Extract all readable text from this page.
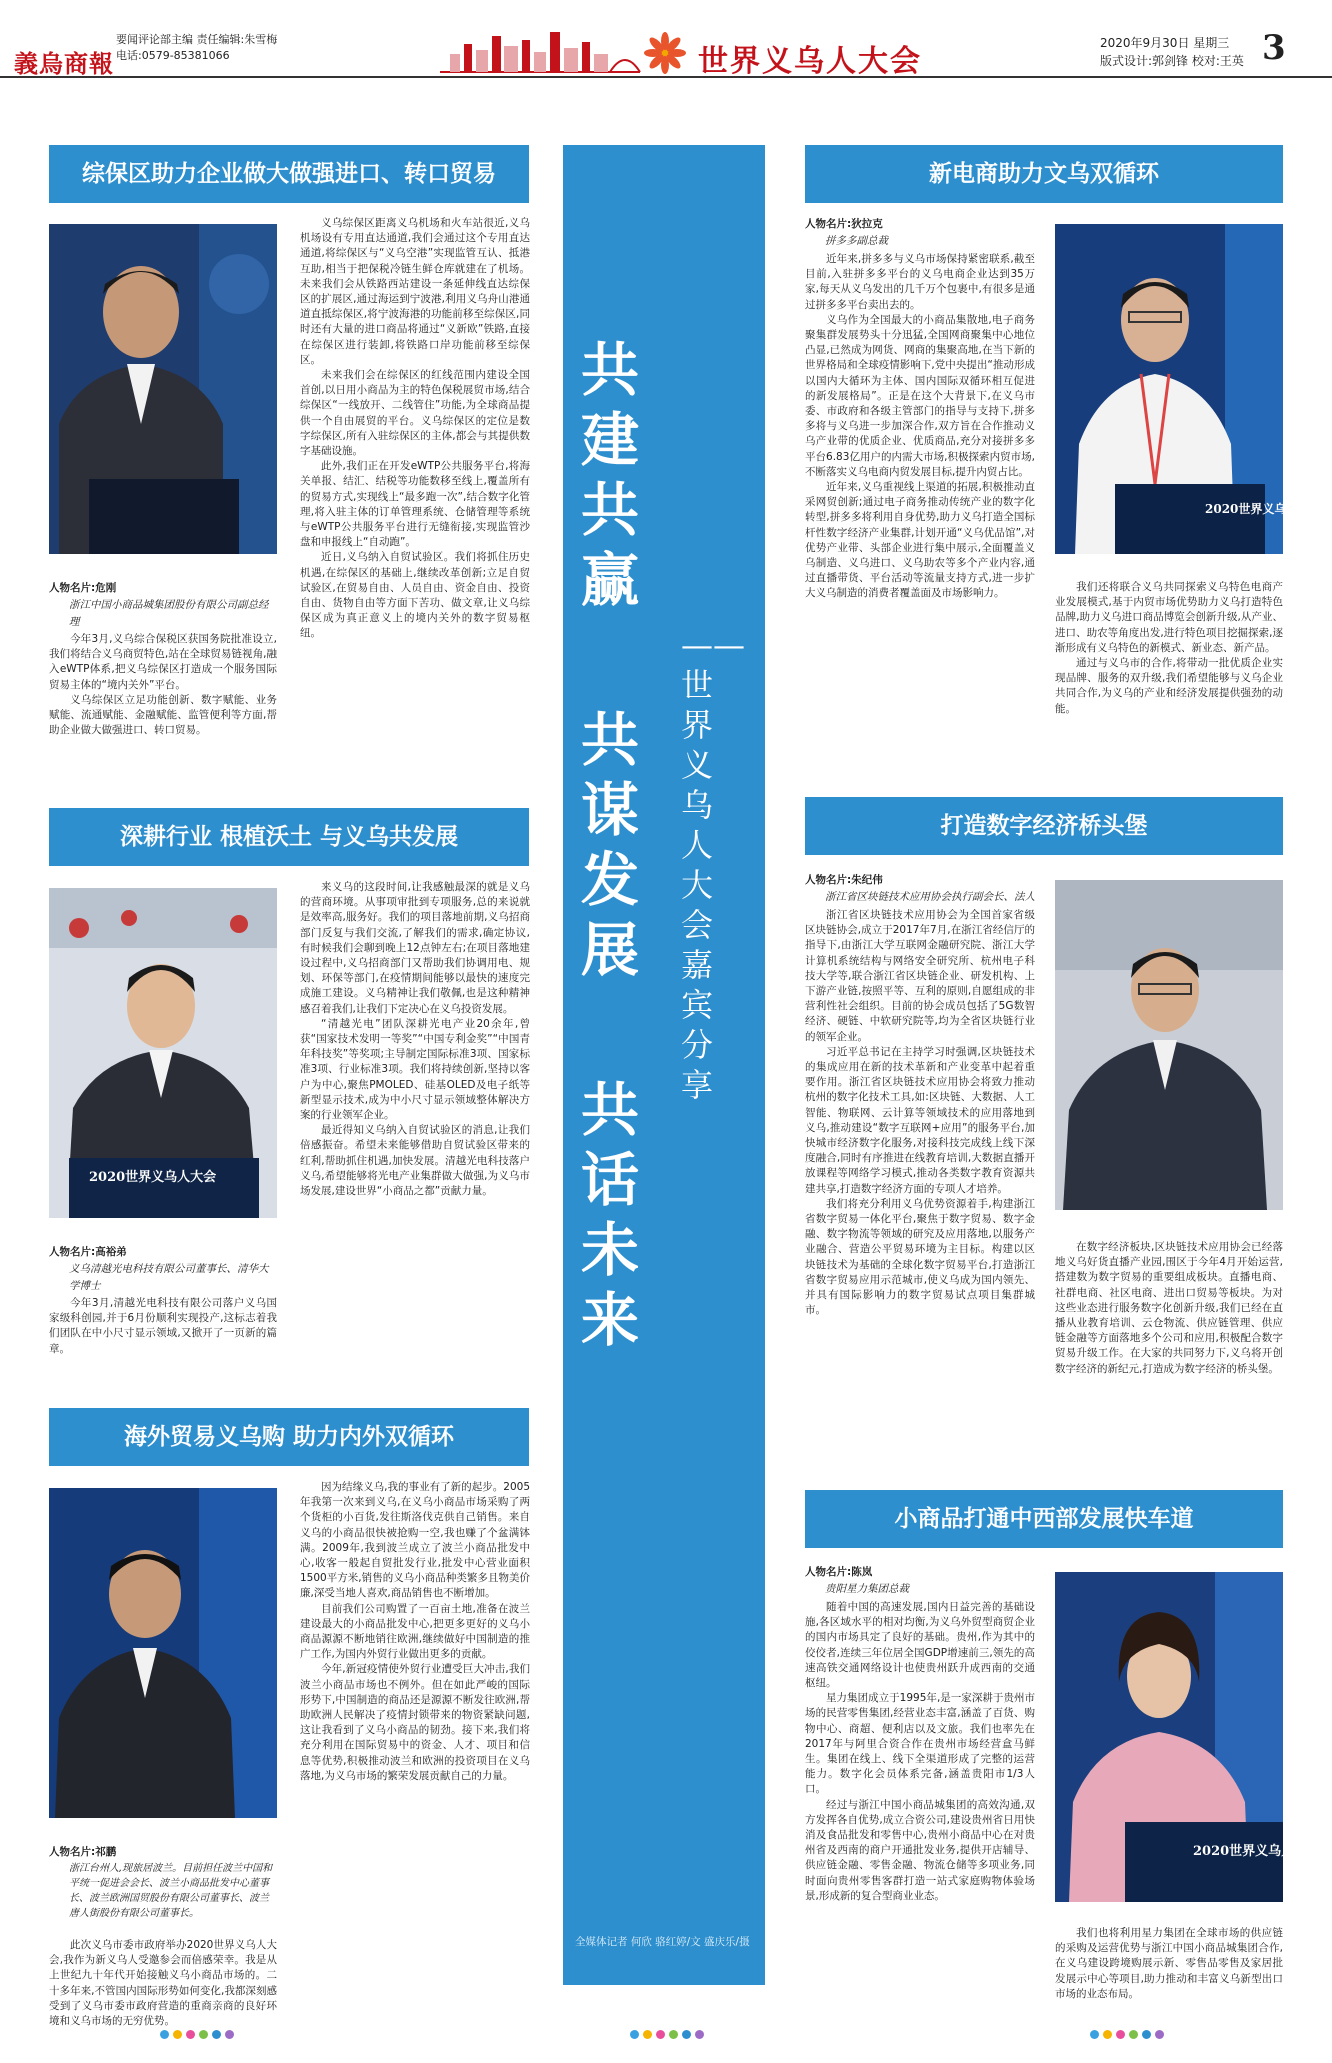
義烏商報
要闻评论部主编 责任编辑:朱雪梅
电话:0579-85381066	世界义乌人大会
2020年9月30日 星期三
版式设计:郭剑锋 校对:王英 3
共建共赢
共谋发展
共话未来
——世界义乌人大会嘉宾分享
全媒体记者 何欣 骆红婷/文 盛庆乐/摄
综保区助力企业做大做强进口、转口贸易
人物名片:危刚
浙江中国小商品城集团股份有限公司副总经理

今年3月,义乌综合保税区获国务院批准设立,我们将结合义乌商贸特色,站在全球贸易链视角,融入eWTP体系,把义乌综保区打造成一个服务国际贸易主体的“境内关外”平台。

义乌综保区立足功能创新、数字赋能、业务赋能、流通赋能、金融赋能、监管便利等方面,帮助企业做大做强进口、转口贸易。

义乌综保区距离义乌机场和火车站很近,义乌机场设有专用直达通道,我们会通过这个专用直达通道,将综保区与“义乌空港”实现监管互认、抵港互助,相当于把保税冷链生鲜仓库就建在了机场。未来我们会从铁路西站建设一条延伸线直达综保区的扩展区,通过海运到宁波港,利用义乌舟山港通道直抵综保区,将宁波海港的功能前移至综保区,同时还有大量的进口商品将通过“义新欧”铁路,直接在综保区进行装卸,将铁路口岸功能前移至综保区。

未来我们会在综保区的红线范围内建设全国首创,以日用小商品为主的特色保税展贸市场,结合综保区“一线放开、二线管住”功能,为全球商品提供一个自由展贸的平台。义乌综保区的定位是数字综保区,所有入驻综保区的主体,都会与其提供数字基础设施。

此外,我们正在开发eWTP公共服务平台,将海关单报、结汇、结税等功能数移至线上,覆盖所有的贸易方式,实现线上“最多跑一次”,结合数字化管理,将入驻主体的订单管理系统、仓储管理等系统与eWTP公共服务平台进行无缝衔接,实现监管沙盘和申报线上“自动跑”。

近日,义乌纳入自贸试验区。我们将抓住历史机遇,在综保区的基础上,继续改革创新;立足自贸试验区,在贸易自由、人员自由、资金自由、投资自由、货物自由等方面下苦功、做文章,让义乌综保区成为真正意义上的境内关外的数字贸易枢纽。

深耕行业 根植沃土 与义乌共发展
2020世界义乌人大会
人物名片:高裕弟
义乌清越光电科技有限公司董事长、清华大学博士

今年3月,清越光电科技有限公司落户义乌国家级科创园,并于6月份顺利实现投产,这标志着我们团队在中小尺寸显示领域,又掀开了一页新的篇章。

来义乌的这段时间,让我感触最深的就是义乌的营商环境。从事项审批到专项服务,总的来说就是效率高,服务好。我们的项目落地前期,义乌招商部门反复与我们交流,了解我们的需求,确定协议,有时候我们会聊到晚上12点钟左右;在项目落地建设过程中,义乌招商部门又帮助我们协调用电、规划、环保等部门,在疫情期间能够以最快的速度完成施工建设。义乌精神让我们敬佩,也是这种精神感召着我们,让我们下定决心在义乌投资发展。

“清越光电”团队深耕光电产业20余年,曾获“国家技术发明一等奖”“中国专利金奖”“中国青年科技奖”等奖项;主导制定国际标准3项、国家标准3项、行业标准3项。我们将持续创新,坚持以客户为中心,聚焦PMOLED、硅基OLED及电子纸等新型显示技术,成为中小尺寸显示领域整体解决方案的行业领军企业。

最近得知义乌纳入自贸试验区的消息,让我们倍感振奋。希望未来能够借助自贸试验区带来的红利,帮助抓住机遇,加快发展。清越光电科技落户义乌,希望能够将光电产业集群做大做强,为义乌市场发展,建设世界“小商品之都”贡献力量。

海外贸易义乌购 助力内外双循环
人物名片:祁鹏
浙江台州人,现旅居波兰。目前担任波兰中国和平统一促进会会长、波兰小商品批发中心董事长、波兰欧洲国贸股份有限公司董事长、波兰唐人街股份有限公司董事长。

此次义乌市委市政府举办2020世界义乌人大会,我作为新义乌人受邀参会而倍感荣幸。我是从上世纪九十年代开始接触义乌小商品市场的。二十多年来,不管国内国际形势如何变化,我都深刻感受到了义乌市委市政府营造的重商亲商的良好环境和义乌市场的无穷优势。

因为结缘义乌,我的事业有了新的起步。2005年我第一次来到义乌,在义乌小商品市场采购了两个货柜的小百货,发往斯洛伐克供自己销售。来自义乌的小商品很快被抢购一空,我也赚了个盆满钵满。2009年,我到波兰成立了波兰小商品批发中心,收客一般起自贸批发行业,批发中心营业面积1500平方米,销售的义乌小商品种类繁多且物美价廉,深受当地人喜欢,商品销售也不断增加。

目前我们公司购置了一百亩土地,准备在波兰建设最大的小商品批发中心,把更多更好的义乌小商品源源不断地销往欧洲,继续做好中国制造的推广工作,为国内外贸行业做出更多的贡献。

今年,新冠疫情使外贸行业遭受巨大冲击,我们波兰小商品市场也不例外。但在如此严峻的国际形势下,中国制造的商品还是源源不断发往欧洲,帮助欧洲人民解决了疫情封锁带来的物资紧缺问题,这让我看到了义乌小商品的韧劲。接下来,我们将充分利用在国际贸易中的资金、人才、项目和信息等优势,积极推动波兰和欧洲的投资项目在义乌落地,为义乌市场的繁荣发展贡献自己的力量。

新电商助力文乌双循环
人物名片:狄拉克
拼多多副总裁

近年来,拼多多与义乌市场保持紧密联系,截至目前,入驻拼多多平台的义乌电商企业达到35万家,每天从义乌发出的几千万个包裹中,有很多是通过拼多多平台卖出去的。

义乌作为全国最大的小商品集散地,电子商务聚集群发展势头十分迅猛,全国网商聚集中心地位凸显,已然成为网货、网商的集聚高地,在当下新的世界格局和全球疫情影响下,党中央提出“推动形成以国内大循环为主体、国内国际双循环相互促进的新发展格局”。正是在这个大背景下,在义乌市委、市政府和各级主管部门的指导与支持下,拼多多将与义乌进一步加深合作,双方旨在合作推动义乌产业带的优质企业、优质商品,充分对接拼多多平台6.83亿用户的内需大市场,积极探索内贸市场,不断落实义乌电商内贸发展目标,提升内贸占比。

近年来,义乌重视线上渠道的拓展,积极推动直采网贸创新;通过电子商务推动传统产业的数字化转型,拼多多将利用自身优势,助力义乌打造全国标杆性数字经济产业集群,计划开通“义乌优品馆”,对优势产业带、头部企业进行集中展示,全面覆盖义乌制造、义乌进口、义乌助农等多个产业内容,通过直播带货、平台活动等流量支持方式,进一步扩大义乌制造的消费者覆盖面及市场影响力。

2020世界义乌人大会

我们还将联合义乌共同探索义乌特色电商产业发展模式,基于内贸市场优势助力义乌打造特色品牌,助力义乌进口商品博览会创新升级,从产业、进口、助农等角度出发,进行特色项目挖掘探索,逐渐形成有义乌特色的新模式、新业态、新产品。

通过与义乌市的合作,将带动一批优质企业实现品牌、服务的双升级,我们希望能够与义乌企业共同合作,为义乌的产业和经济发展提供强劲的动能。

打造数字经济桥头堡
人物名片:朱纪伟
浙江省区块链技术应用协会执行副会长、法人

浙江省区块链技术应用协会为全国首家省级区块链协会,成立于2017年7月,在浙江省经信厅的指导下,由浙江大学互联网金融研究院、浙江大学计算机系统结构与网络安全研究所、杭州电子科技大学等,联合浙江省区块链企业、研发机构、上下游产业链,按照平等、互利的原则,自愿组成的非营利性社会组织。目前的协会成员包括了5G数智经济、硬链、中软研究院等,均为全省区块链行业的领军企业。

习近平总书记在主持学习时强调,区块链技术的集成应用在新的技术革新和产业变革中起着重要作用。浙江省区块链技术应用协会将致力推动杭州的数字化技术工具,如:区块链、大数据、人工智能、物联网、云计算等领域技术的应用落地到义乌,推动建设“数字互联网+应用”的服务平台,加快城市经济数字化服务,对接科技完成线上线下深度融合,同时有序推进在线教育培训,大数据直播开放课程等网络学习模式,推动各类数字教育资源共建共享,打造数字经济方面的专项人才培养。

我们将充分利用义乌优势资源着手,构建浙江省数字贸易一体化平台,聚焦于数字贸易、数字金融、数字物流等领域的研究及应用落地,以服务产业融合、营造公平贸易环境为主目标。构建以区块链技术为基础的全球化数字贸易平台,打造浙江省数字贸易应用示范城市,使义乌成为国内领先、并具有国际影响力的数字贸易试点项目集群城市。

在数字经济板块,区块链技术应用协会已经落地义乌好货直播产业园,围区于今年4月开始运营,搭建数为数字贸易的重要组成板块。直播电商、社群电商、社区电商、进出口贸易等板块。为对这些业态进行服务数字化创新升级,我们已经在直播从业教育培训、云仓物流、供应链管理、供应链金融等方面落地多个公司和应用,积极配合数字贸易升级工作。在大家的共同努力下,义乌将开创数字经济的新纪元,打造成为数字经济的桥头堡。

小商品打通中西部发展快车道
人物名片:陈岚
贵阳星力集团总裁

随着中国的高速发展,国内日益完善的基础设施,各区域水平的相对均衡,为义乌外贸型商贸企业的国内市场具定了良好的基础。贵州,作为其中的佼佼者,连续三年位居全国GDP增速前三,领先的高速高铁交通网络设计也使贵州跃升成西南的交通枢纽。

星力集团成立于1995年,是一家深耕于贵州市场的民营零售集团,经营业态丰富,涵盖了百货、购物中心、商超、便利店以及文旅。我们也率先在2017年与阿里合资合作在贵州市场经营盒马鲜生。集团在线上、线下全渠道形成了完整的运营能力。数字化会员体系完备,涵盖贵阳市1/3人口。

经过与浙江中国小商品城集团的高效沟通,双方发挥各自优势,成立合资公司,建设贵州省日用快消及食品批发和零售中心,贵州小商品中心在对贵州省及西南的商户开通批发业务,提供开店辅导、供应链金融、零售金融、物流仓储等多项业务,同时面向贵州零售客群打造一站式家庭购物体验场景,形成新的复合型商业业态。

2020世界义乌人大会

我们也将利用星力集团在全球市场的供应链的采购及运营优势与浙江中国小商品城集团合作,在义乌建设跨境购展示新、零售品零售及家居批发展示中心等项目,助力推动和丰富义乌新型出口市场的业态布局。
